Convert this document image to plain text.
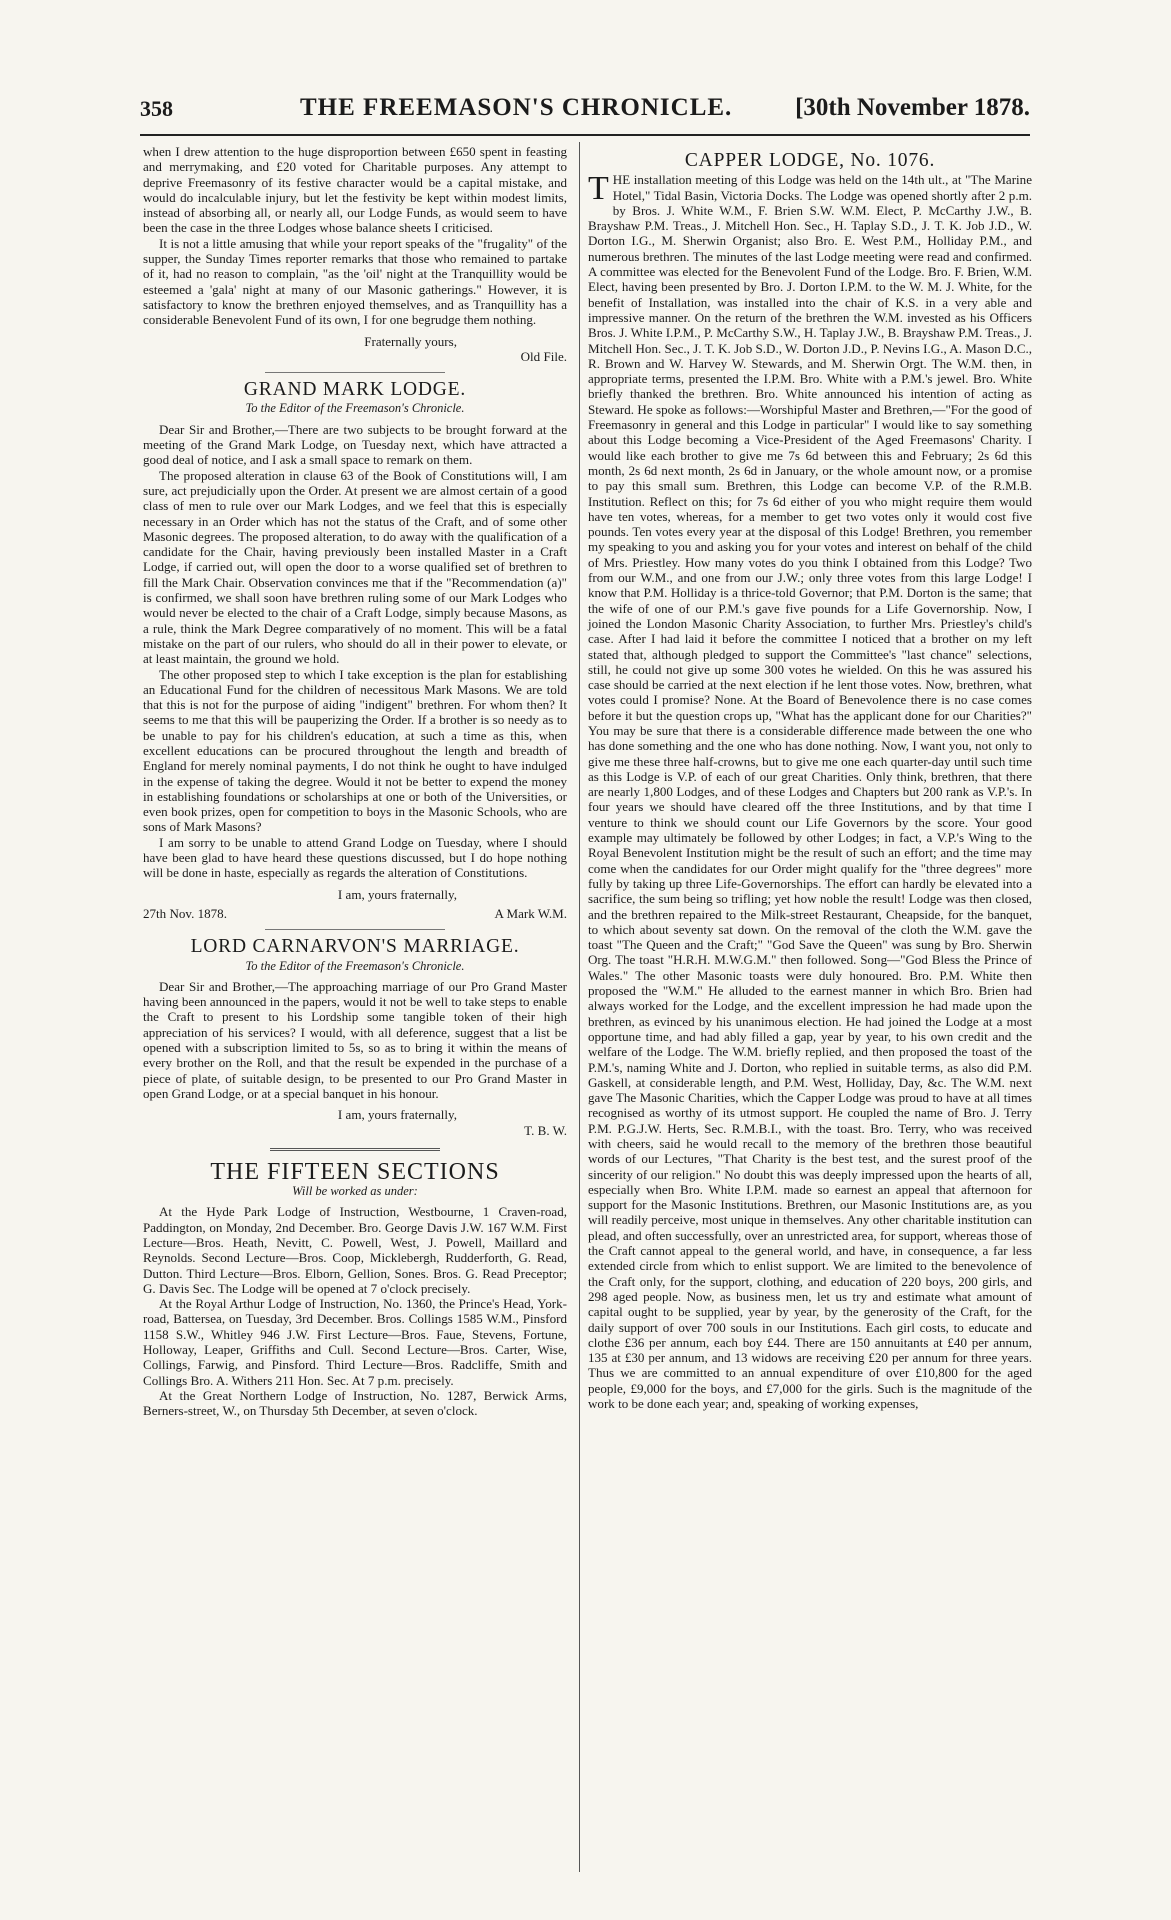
358	THE FREEMASON'S CHRONICLE.	[30th November 1878.

when I drew attention to the huge disproportion between £650 spent in feasting and merrymaking, and £20 voted for Charitable purposes. Any attempt to deprive Freemasonry of its festive character would be a capital mistake, and would do incalculable injury, but let the festivity be kept within modest limits, instead of absorbing all, or nearly all, our Lodge Funds, as would seem to have been the case in the three Lodges whose balance sheets I criticised.

It is not a little amusing that while your report speaks of the "frugality" of the supper, the Sunday Times reporter remarks that those who remained to partake of it, had no reason to complain, "as the 'oil' night at the Tranquillity would be esteemed a 'gala' night at many of our Masonic gatherings." However, it is satisfactory to know the brethren enjoyed themselves, and as Tranquillity has a considerable Benevolent Fund of its own, I for one begrudge them nothing.

Fraternally yours,
Old File.
GRAND MARK LODGE.
To the Editor of the Freemason's Chronicle.

Dear Sir and Brother,—There are two subjects to be brought forward at the meeting of the Grand Mark Lodge, on Tuesday next, which have attracted a good deal of notice, and I ask a small space to remark on them.

The proposed alteration in clause 63 of the Book of Constitutions will, I am sure, act prejudicially upon the Order. At present we are almost certain of a good class of men to rule over our Mark Lodges, and we feel that this is especially necessary in an Order which has not the status of the Craft, and of some other Masonic degrees. The proposed alteration, to do away with the qualification of a candidate for the Chair, having previously been installed Master in a Craft Lodge, if carried out, will open the door to a worse qualified set of brethren to fill the Mark Chair. Observation convinces me that if the "Recommendation (a)" is confirmed, we shall soon have brethren ruling some of our Mark Lodges who would never be elected to the chair of a Craft Lodge, simply because Masons, as a rule, think the Mark Degree comparatively of no moment. This will be a fatal mistake on the part of our rulers, who should do all in their power to elevate, or at least maintain, the ground we hold.

The other proposed step to which I take exception is the plan for establishing an Educational Fund for the children of necessitous Mark Masons. We are told that this is not for the purpose of aiding "indigent" brethren. For whom then? It seems to me that this will be pauperizing the Order. If a brother is so needy as to be unable to pay for his children's education, at such a time as this, when excellent educations can be procured throughout the length and breadth of England for merely nominal payments, I do not think he ought to have indulged in the expense of taking the degree. Would it not be better to expend the money in establishing foundations or scholarships at one or both of the Universities, or even book prizes, open for competition to boys in the Masonic Schools, who are sons of Mark Masons?

I am sorry to be unable to attend Grand Lodge on Tuesday, where I should have been glad to have heard these questions discussed, but I do hope nothing will be done in haste, especially as regards the alteration of Constitutions.

I am, yours fraternally,
27th Nov. 1878.	A Mark W.M.
LORD CARNARVON'S MARRIAGE.
To the Editor of the Freemason's Chronicle.

Dear Sir and Brother,—The approaching marriage of our Pro Grand Master having been announced in the papers, would it not be well to take steps to enable the Craft to present to his Lordship some tangible token of their high appreciation of his services? I would, with all deference, suggest that a list be opened with a subscription limited to 5s, so as to bring it within the means of every brother on the Roll, and that the result be expended in the purchase of a piece of plate, of suitable design, to be presented to our Pro Grand Master in open Grand Lodge, or at a special banquet in his honour.

I am, yours fraternally,
T. B. W.
THE FIFTEEN SECTIONS
Will be worked as under:

At the Hyde Park Lodge of Instruction, Westbourne, 1 Craven-road, Paddington, on Monday, 2nd December. Bro. George Davis J.W. 167 W.M. First Lecture—Bros. Heath, Nevitt, C. Powell, West, J. Powell, Maillard and Reynolds. Second Lecture—Bros. Coop, Micklebergh, Rudderforth, G. Read, Dutton. Third Lecture—Bros. Elborn, Gellion, Sones. Bros. G. Read Preceptor; G. Davis Sec. The Lodge will be opened at 7 o'clock precisely.

At the Royal Arthur Lodge of Instruction, No. 1360, the Prince's Head, York-road, Battersea, on Tuesday, 3rd December. Bros. Collings 1585 W.M., Pinsford 1158 S.W., Whitley 946 J.W. First Lecture—Bros. Faue, Stevens, Fortune, Holloway, Leaper, Griffiths and Cull. Second Lecture—Bros. Carter, Wise, Collings, Farwig, and Pinsford. Third Lecture—Bros. Radcliffe, Smith and Collings Bro. A. Withers 211 Hon. Sec. At 7 p.m. precisely.

At the Great Northern Lodge of Instruction, No. 1287, Berwick Arms, Berners-street, W., on Thursday 5th December, at seven o'clock.

CAPPER LODGE, No. 1076.

THE installation meeting of this Lodge was held on the 14th ult., at "The Marine Hotel," Tidal Basin, Victoria Docks. The Lodge was opened shortly after 2 p.m. by Bros. J. White W.M., F. Brien S.W. W.M. Elect, P. McCarthy J.W., B. Brayshaw P.M. Treas., J. Mitchell Hon. Sec., H. Taplay S.D., J. T. K. Job J.D., W. Dorton I.G., M. Sherwin Organist; also Bro. E. West P.M., Holliday P.M., and numerous brethren. The minutes of the last Lodge meeting were read and confirmed. A committee was elected for the Benevolent Fund of the Lodge. Bro. F. Brien, W.M. Elect, having been presented by Bro. J. Dorton I.P.M. to the W. M. J. White, for the benefit of Installation, was installed into the chair of K.S. in a very able and impressive manner. On the return of the brethren the W.M. invested as his Officers Bros. J. White I.P.M., P. McCarthy S.W., H. Taplay J.W., B. Brayshaw P.M. Treas., J. Mitchell Hon. Sec., J. T. K. Job S.D., W. Dorton J.D., P. Nevins I.G., A. Mason D.C., R. Brown and W. Harvey W. Stewards, and M. Sherwin Orgt. The W.M. then, in appropriate terms, presented the I.P.M. Bro. White with a P.M.'s jewel. Bro. White briefly thanked the brethren. Bro. White announced his intention of acting as Steward. He spoke as follows:—Worshipful Master and Brethren,—"For the good of Freemasonry in general and this Lodge in particular" I would like to say something about this Lodge becoming a Vice-President of the Aged Freemasons' Charity. I would like each brother to give me 7s 6d between this and February; 2s 6d this month, 2s 6d next month, 2s 6d in January, or the whole amount now, or a promise to pay this small sum. Brethren, this Lodge can become V.P. of the R.M.B. Institution. Reflect on this; for 7s 6d either of you who might require them would have ten votes, whereas, for a member to get two votes only it would cost five pounds. Ten votes every year at the disposal of this Lodge! Brethren, you remember my speaking to you and asking you for your votes and interest on behalf of the child of Mrs. Priestley. How many votes do you think I obtained from this Lodge? Two from our W.M., and one from our J.W.; only three votes from this large Lodge! I know that P.M. Holliday is a thrice-told Governor; that P.M. Dorton is the same; that the wife of one of our P.M.'s gave five pounds for a Life Governorship. Now, I joined the London Masonic Charity Association, to further Mrs. Priestley's child's case. After I had laid it before the committee I noticed that a brother on my left stated that, although pledged to support the Committee's "last chance" selections, still, he could not give up some 300 votes he wielded. On this he was assured his case should be carried at the next election if he lent those votes. Now, brethren, what votes could I promise? None. At the Board of Benevolence there is no case comes before it but the question crops up, "What has the applicant done for our Charities?" You may be sure that there is a considerable difference made between the one who has done something and the one who has done nothing. Now, I want you, not only to give me these three half-crowns, but to give me one each quarter-day until such time as this Lodge is V.P. of each of our great Charities. Only think, brethren, that there are nearly 1,800 Lodges, and of these Lodges and Chapters but 200 rank as V.P.'s. In four years we should have cleared off the three Institutions, and by that time I venture to think we should count our Life Governors by the score. Your good example may ultimately be followed by other Lodges; in fact, a V.P.'s Wing to the Royal Benevolent Institution might be the result of such an effort; and the time may come when the candidates for our Order might qualify for the "three degrees" more fully by taking up three Life-Governorships. The effort can hardly be elevated into a sacrifice, the sum being so trifling; yet how noble the result! Lodge was then closed, and the brethren repaired to the Milk-street Restaurant, Cheapside, for the banquet, to which about seventy sat down. On the removal of the cloth the W.M. gave the toast "The Queen and the Craft;" "God Save the Queen" was sung by Bro. Sherwin Org. The toast "H.R.H. M.W.G.M." then followed. Song—"God Bless the Prince of Wales." The other Masonic toasts were duly honoured. Bro. P.M. White then proposed the "W.M." He alluded to the earnest manner in which Bro. Brien had always worked for the Lodge, and the excellent impression he had made upon the brethren, as evinced by his unanimous election. He had joined the Lodge at a most opportune time, and had ably filled a gap, year by year, to his own credit and the welfare of the Lodge. The W.M. briefly replied, and then proposed the toast of the P.M.'s, naming White and J. Dorton, who replied in suitable terms, as also did P.M. Gaskell, at considerable length, and P.M. West, Holliday, Day, &c. The W.M. next gave The Masonic Charities, which the Capper Lodge was proud to have at all times recognised as worthy of its utmost support. He coupled the name of Bro. J. Terry P.M. P.G.J.W. Herts, Sec. R.M.B.I., with the toast. Bro. Terry, who was received with cheers, said he would recall to the memory of the brethren those beautiful words of our Lectures, "That Charity is the best test, and the surest proof of the sincerity of our religion." No doubt this was deeply impressed upon the hearts of all, especially when Bro. White I.P.M. made so earnest an appeal that afternoon for support for the Masonic Institutions. Brethren, our Masonic Institutions are, as you will readily perceive, most unique in themselves. Any other charitable institution can plead, and often successfully, over an unrestricted area, for support, whereas those of the Craft cannot appeal to the general world, and have, in consequence, a far less extended circle from which to enlist support. We are limited to the benevolence of the Craft only, for the support, clothing, and education of 220 boys, 200 girls, and 298 aged people. Now, as business men, let us try and estimate what amount of capital ought to be supplied, year by year, by the generosity of the Craft, for the daily support of over 700 souls in our Institutions. Each girl costs, to educate and clothe £36 per annum, each boy £44. There are 150 annuitants at £40 per annum, 135 at £30 per annum, and 13 widows are receiving £20 per annum for three years. Thus we are committed to an annual expenditure of over £10,800 for the aged people, £9,000 for the boys, and £7,000 for the girls. Such is the magnitude of the work to be done each year; and, speaking of working expenses,
